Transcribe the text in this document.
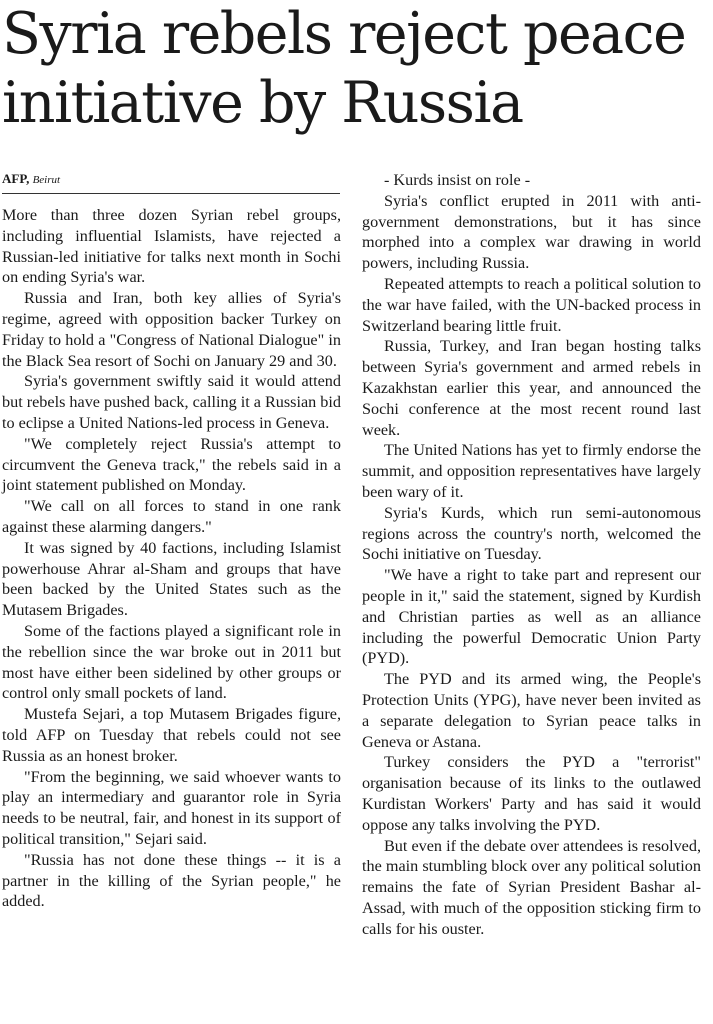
Syria rebels reject peace initiative by Russia
AFP, Beirut

More than three dozen Syrian rebel groups, including influential Islamists, have rejected a Russian-led initiative for talks next month in Sochi on ending Syria's war.

Russia and Iran, both key allies of Syria's regime, agreed with opposition backer Turkey on Friday to hold a "Congress of National Dialogue" in the Black Sea resort of Sochi on January 29 and 30.

Syria's government swiftly said it would attend but rebels have pushed back, calling it a Russian bid to eclipse a United Nations-led process in Geneva.

"We completely reject Russia's attempt to circumvent the Geneva track," the rebels said in a joint statement published on Monday.

"We call on all forces to stand in one rank against these alarming dangers."

It was signed by 40 factions, including Islamist powerhouse Ahrar al-Sham and groups that have been backed by the United States such as the Mutasem Brigades.

Some of the factions played a significant role in the rebellion since the war broke out in 2011 but most have either been sidelined by other groups or control only small pockets of land.

Mustefa Sejari, a top Mutasem Brigades figure, told AFP on Tuesday that rebels could not see Russia as an honest broker.

"From the beginning, we said whoever wants to play an intermediary and guarantor role in Syria needs to be neutral, fair, and honest in its support of political transition," Sejari said.

"Russia has not done these things -- it is a partner in the killing of the Syrian people," he added.

- Kurds insist on role -

Syria's conflict erupted in 2011 with anti-government demonstrations, but it has since morphed into a complex war drawing in world powers, including Russia.

Repeated attempts to reach a political solution to the war have failed, with the UN-backed process in Switzerland bearing little fruit.

Russia, Turkey, and Iran began hosting talks between Syria's government and armed rebels in Kazakhstan earlier this year, and announced the Sochi conference at the most recent round last week.

The United Nations has yet to firmly endorse the summit, and opposition representatives have largely been wary of it.

Syria's Kurds, which run semi-autonomous regions across the country's north, welcomed the Sochi initiative on Tuesday.

"We have a right to take part and represent our people in it," said the statement, signed by Kurdish and Christian parties as well as an alliance including the powerful Democratic Union Party (PYD).

The PYD and its armed wing, the People's Protection Units (YPG), have never been invited as a separate delegation to Syrian peace talks in Geneva or Astana.

Turkey considers the PYD a "terrorist" organisation because of its links to the outlawed Kurdistan Workers' Party and has said it would oppose any talks involving the PYD.

But even if the debate over attendees is resolved, the main stumbling block over any political solution remains the fate of Syrian President Bashar al-Assad, with much of the opposition sticking firm to calls for his ouster.
